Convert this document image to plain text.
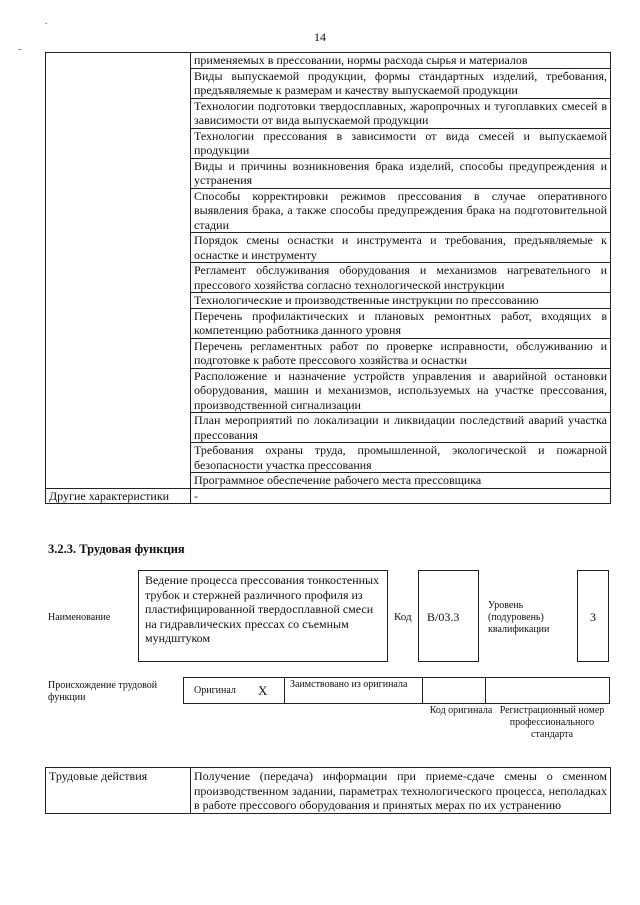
.
-
14
	применяемых в прессовании, нормы расхода сырья и материалов
	Виды выпускаемой продукции, формы стандартных изделий, требования, предъявляемые к размерам и качеству выпускаемой продукции
	Технологии подготовки твердосплавных, жаропрочных и тугоплавких смесей в зависимости от вида выпускаемой продукции
	Технологии прессования в зависимости от вида смесей и выпускаемой продукции
	Виды и причины возникновения брака изделий, способы предупреждения и устранения
	Способы корректировки режимов прессования в случае оперативного выявления брака, а также способы предупреждения брака на подготовительной стадии
	Порядок смены оснастки и инструмента и требования, предъявляемые к оснастке и инструменту
	Регламент обслуживания оборудования и механизмов нагревательного и прессового хозяйства согласно технологической инструкции
	Технологические и производственные инструкции по прессованию
	Перечень профилактических и плановых ремонтных работ, входящих в компетенцию работника данного уровня
	Перечень регламентных работ по проверке исправности, обслуживанию и подготовке к работе прессового хозяйства и оснастки
	Расположение и назначение устройств управления и аварийной остановки оборудования, машин и механизмов, используемых на участке прессования, производственной сигнализации
	План мероприятий по локализации и ликвидации последствий аварий участка прессования
	Требования охраны труда, промышленной, экологической и пожарной безопасности участка прессования
	Программное обеспечение рабочего места прессовщика
Другие характеристики	-
3.2.3. Трудовая функция
Наименование
Ведение процесса прессования тонкостенных трубок и стержней различного профиля из пластифицированной твердосплавной смеси на гидравлических прессах со съемным мундштуком
Код В/03.3
Уровень (подуровень) квалификации
3
Происхождение трудовой функции
Оригинал X Заимствовано из оригинала
Код оригинала Регистрационный номер профессионального стандарта
Трудовые действия	Получение (передача) информации при приеме-сдаче смены о сменном производственном задании, параметрах технологического процесса, неполадках в работе прессового оборудования и принятых мерах по их устранению
